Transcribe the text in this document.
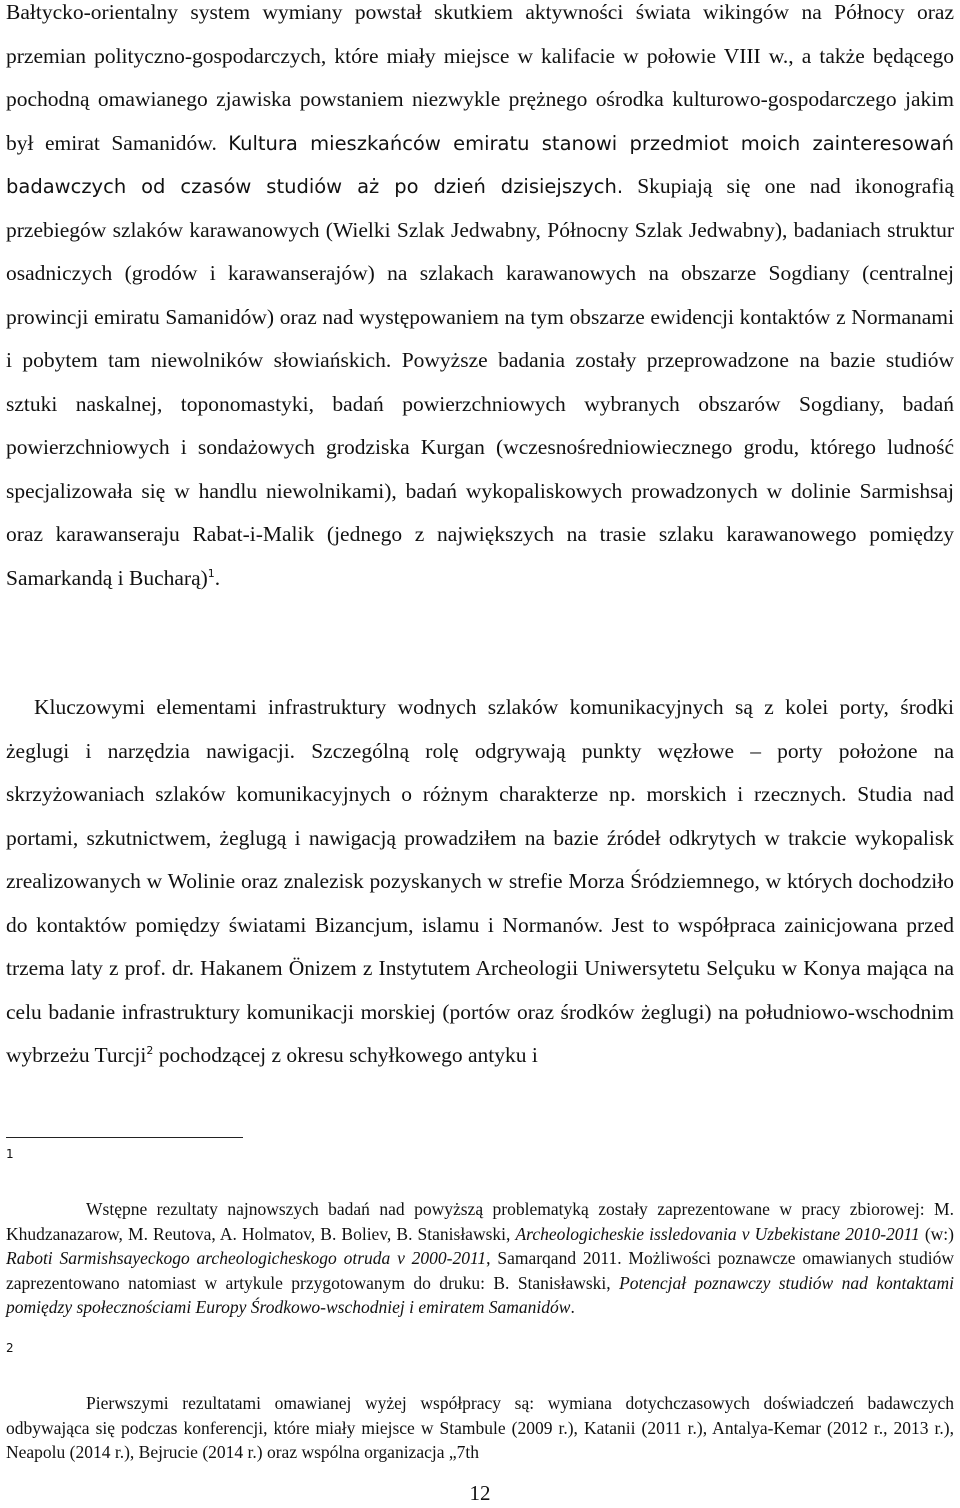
Bałtycko-orientalny system wymiany powstał skutkiem aktywności świata wikingów na Północy oraz przemian polityczno-gospodarczych, które miały miejsce w kalifacie w połowie VIII w., a także będącego pochodną omawianego zjawiska powstaniem niezwykle prężnego ośrodka kulturowo-gospodarczego jakim był emirat Samanidów. Kultura mieszkańców emiratu stanowi przedmiot moich zainteresowań badawczych od czasów studiów aż po dzień dzisiejszych. Skupiają się one nad ikonografią przebiegów szlaków karawanowych (Wielki Szlak Jedwabny, Północny Szlak Jedwabny), badaniach struktur osadniczych (grodów i karawanserajów) na szlakach karawanowych na obszarze Sogdiany (centralnej prowincji emiratu Samanidów) oraz nad występowaniem na tym obszarze ewidencji kontaktów z Normanami i pobytem tam niewolników słowiańskich. Powyższe badania zostały przeprowadzone na bazie studiów sztuki naskalnej, toponomastyki, badań powierzchniowych wybranych obszarów Sogdiany, badań powierzchniowych i sondażowych grodziska Kurgan (wczesnośredniowiecznego grodu, którego ludność specjalizowała się w handlu niewolnikami), badań wykopaliskowych prowadzonych w dolinie Sarmishsaj oraz karawanseraju Rabat-i-Malik (jednego z największych na trasie szlaku karawanowego pomiędzy Samarkandą i Bucharą)$^1$.

Kluczowymi elementami infrastruktury wodnych szlaków komunikacyjnych są z kolei porty, środki żeglugi i narzędzia nawigacji. Szczególną rolę odgrywają punkty węzłowe – porty położone na skrzyżowaniach szlaków komunikacyjnych o różnym charakterze np. morskich i rzecznych. Studia nad portami, szkutnictwem, żeglugą i nawigacją prowadziłem na bazie źródeł odkrytych w trakcie wykopalisk zrealizowanych w Wolinie oraz znalezisk pozyskanych w strefie Morza Śródziemnego, w których dochodziło do kontaktów pomiędzy światami Bizancjum, islamu i Normanów. Jest to współpraca zainicjowana przed trzema laty z prof. dr. Hakanem Önizem z Instytutem Archeologii Uniwersytetu Selçuku w Konya mająca na celu badanie infrastruktury komunikacji morskiej (portów oraz środków żeglugi) na południowo-wschodnim wybrzeżu Turcji$^2$ pochodzącej z okresu schyłkowego antyku i

1

Wstępne rezultaty najnowszych badań nad powyższą problematyką zostały zaprezentowane w pracy zbiorowej: M. Khudzanazarow, M. Reutova, A. Holmatov, B. Boliev, B. Stanisławski, Archeologicheskie issledovania v Uzbekistane 2010-2011 (w:) Raboti Sarmishsayeckogo archeologicheskogo otruda v 2000-2011, Samarqand 2011. Możliwości poznawcze omawianych studiów zaprezentowano natomiast w artykule przygotowanym do druku: B. Stanisławski, Potencjał poznawczy studiów nad kontaktami pomiędzy społecznościami Europy Środkowo-wschodniej i emiratem Samanidów.

2

Pierwszymi rezultatami omawianej wyżej współpracy są: wymiana dotychczasowych doświadczeń badawczych odbywająca się podczas konferencji, które miały miejsce w Stambule (2009 r.), Katanii (2011 r.), Antalya-Kemar (2012 r., 2013 r.), Neapolu (2014 r.), Bejrucie (2014 r.) oraz wspólna organizacja „7th

12
